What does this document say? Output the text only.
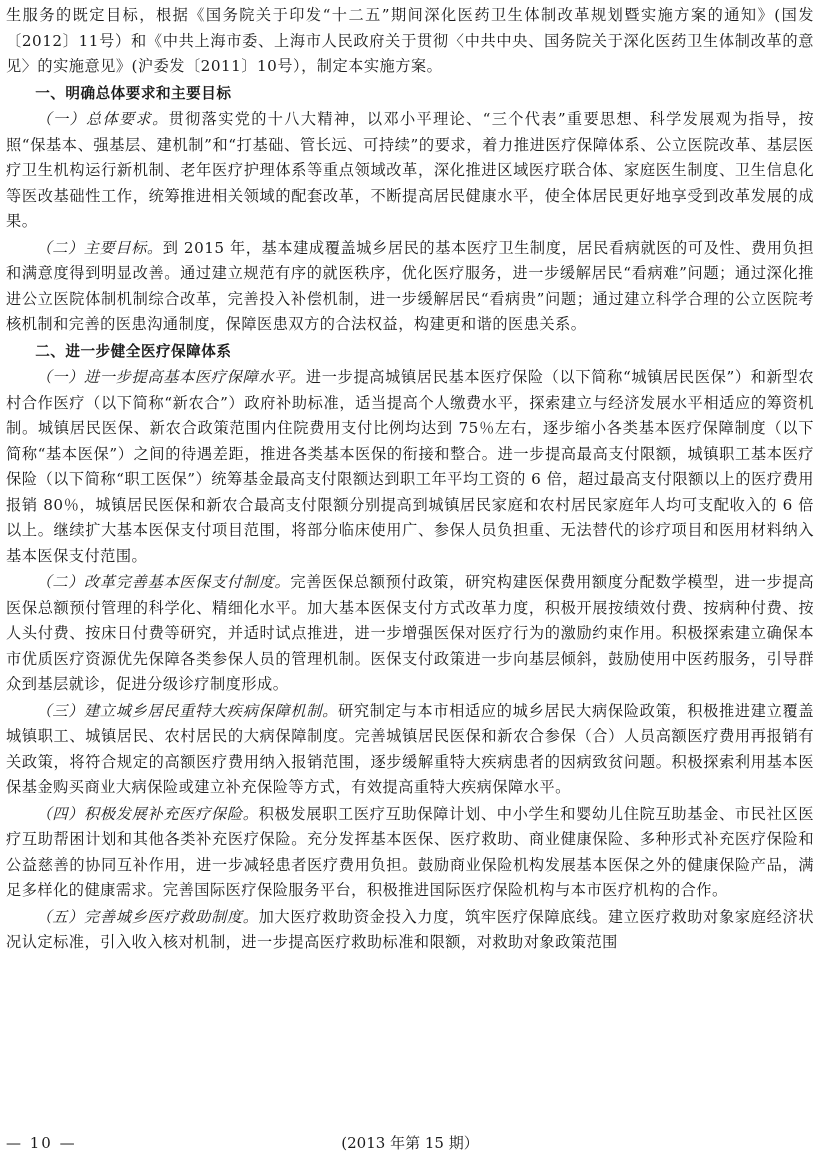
生服务的既定目标，根据《国务院关于印发“十二五”期间深化医药卫生体制改革规划暨实施方案的通知》(国发〔2012〕11号）和《中共上海市委、上海市人民政府关于贯彻〈中共中央、国务院关于深化医药卫生体制改革的意见〉的实施意见》(沪委发〔2011〕10号），制定本实施方案。

一、明确总体要求和主要目标

（一）总体要求。贯彻落实党的十八大精神，以邓小平理论、“三个代表”重要思想、科学发展观为指导，按照“保基本、强基层、建机制”和“打基础、管长远、可持续”的要求，着力推进医疗保障体系、公立医院改革、基层医疗卫生机构运行新机制、老年医疗护理体系等重点领域改革，深化推进区域医疗联合体、家庭医生制度、卫生信息化等医改基础性工作，统筹推进相关领域的配套改革，不断提高居民健康水平，使全体居民更好地享受到改革发展的成果。

（二）主要目标。到 2015 年，基本建成覆盖城乡居民的基本医疗卫生制度，居民看病就医的可及性、费用负担和满意度得到明显改善。通过建立规范有序的就医秩序，优化医疗服务，进一步缓解居民“看病难”问题；通过深化推进公立医院体制机制综合改革，完善投入补偿机制，进一步缓解居民“看病贵”问题；通过建立科学合理的公立医院考核机制和完善的医患沟通制度，保障医患双方的合法权益，构建更和谐的医患关系。

二、进一步健全医疗保障体系

（一）进一步提高基本医疗保障水平。进一步提高城镇居民基本医疗保险（以下简称“城镇居民医保”）和新型农村合作医疗（以下简称“新农合”）政府补助标准，适当提高个人缴费水平，探索建立与经济发展水平相适应的筹资机制。城镇居民医保、新农合政策范围内住院费用支付比例均达到 75％左右，逐步缩小各类基本医疗保障制度（以下简称“基本医保”）之间的待遇差距，推进各类基本医保的衔接和整合。进一步提高最高支付限额，城镇职工基本医疗保险（以下简称“职工医保”）统筹基金最高支付限额达到职工年平均工资的 6 倍，超过最高支付限额以上的医疗费用报销 80％，城镇居民医保和新农合最高支付限额分别提高到城镇居民家庭和农村居民家庭年人均可支配收入的 6 倍以上。继续扩大基本医保支付项目范围，将部分临床使用广、参保人员负担重、无法替代的诊疗项目和医用材料纳入基本医保支付范围。

（二）改革完善基本医保支付制度。完善医保总额预付政策，研究构建医保费用额度分配数学模型，进一步提高医保总额预付管理的科学化、精细化水平。加大基本医保支付方式改革力度，积极开展按绩效付费、按病种付费、按人头付费、按床日付费等研究，并适时试点推进，进一步增强医保对医疗行为的激励约束作用。积极探索建立确保本市优质医疗资源优先保障各类参保人员的管理机制。医保支付政策进一步向基层倾斜，鼓励使用中医药服务，引导群众到基层就诊，促进分级诊疗制度形成。

（三）建立城乡居民重特大疾病保障机制。研究制定与本市相适应的城乡居民大病保险政策，积极推进建立覆盖城镇职工、城镇居民、农村居民的大病保障制度。完善城镇居民医保和新农合参保（合）人员高额医疗费用再报销有关政策，将符合规定的高额医疗费用纳入报销范围，逐步缓解重特大疾病患者的因病致贫问题。积极探索利用基本医保基金购买商业大病保险或建立补充保险等方式，有效提高重特大疾病保障水平。

（四）积极发展补充医疗保险。积极发展职工医疗互助保障计划、中小学生和婴幼儿住院互助基金、市民社区医疗互助帮困计划和其他各类补充医疗保险。充分发挥基本医保、医疗救助、商业健康保险、多种形式补充医疗保险和公益慈善的协同互补作用，进一步减轻患者医疗费用负担。鼓励商业保险机构发展基本医保之外的健康保险产品，满足多样化的健康需求。完善国际医疗保险服务平台，积极推进国际医疗保险机构与本市医疗机构的合作。

（五）完善城乡医疗救助制度。加大医疗救助资金投入力度，筑牢医疗保障底线。建立医疗救助对象家庭经济状况认定标准，引入收入核对机制，进一步提高医疗救助标准和限额，对救助对象政策范围

— 10 —	(2013 年第 15 期）
